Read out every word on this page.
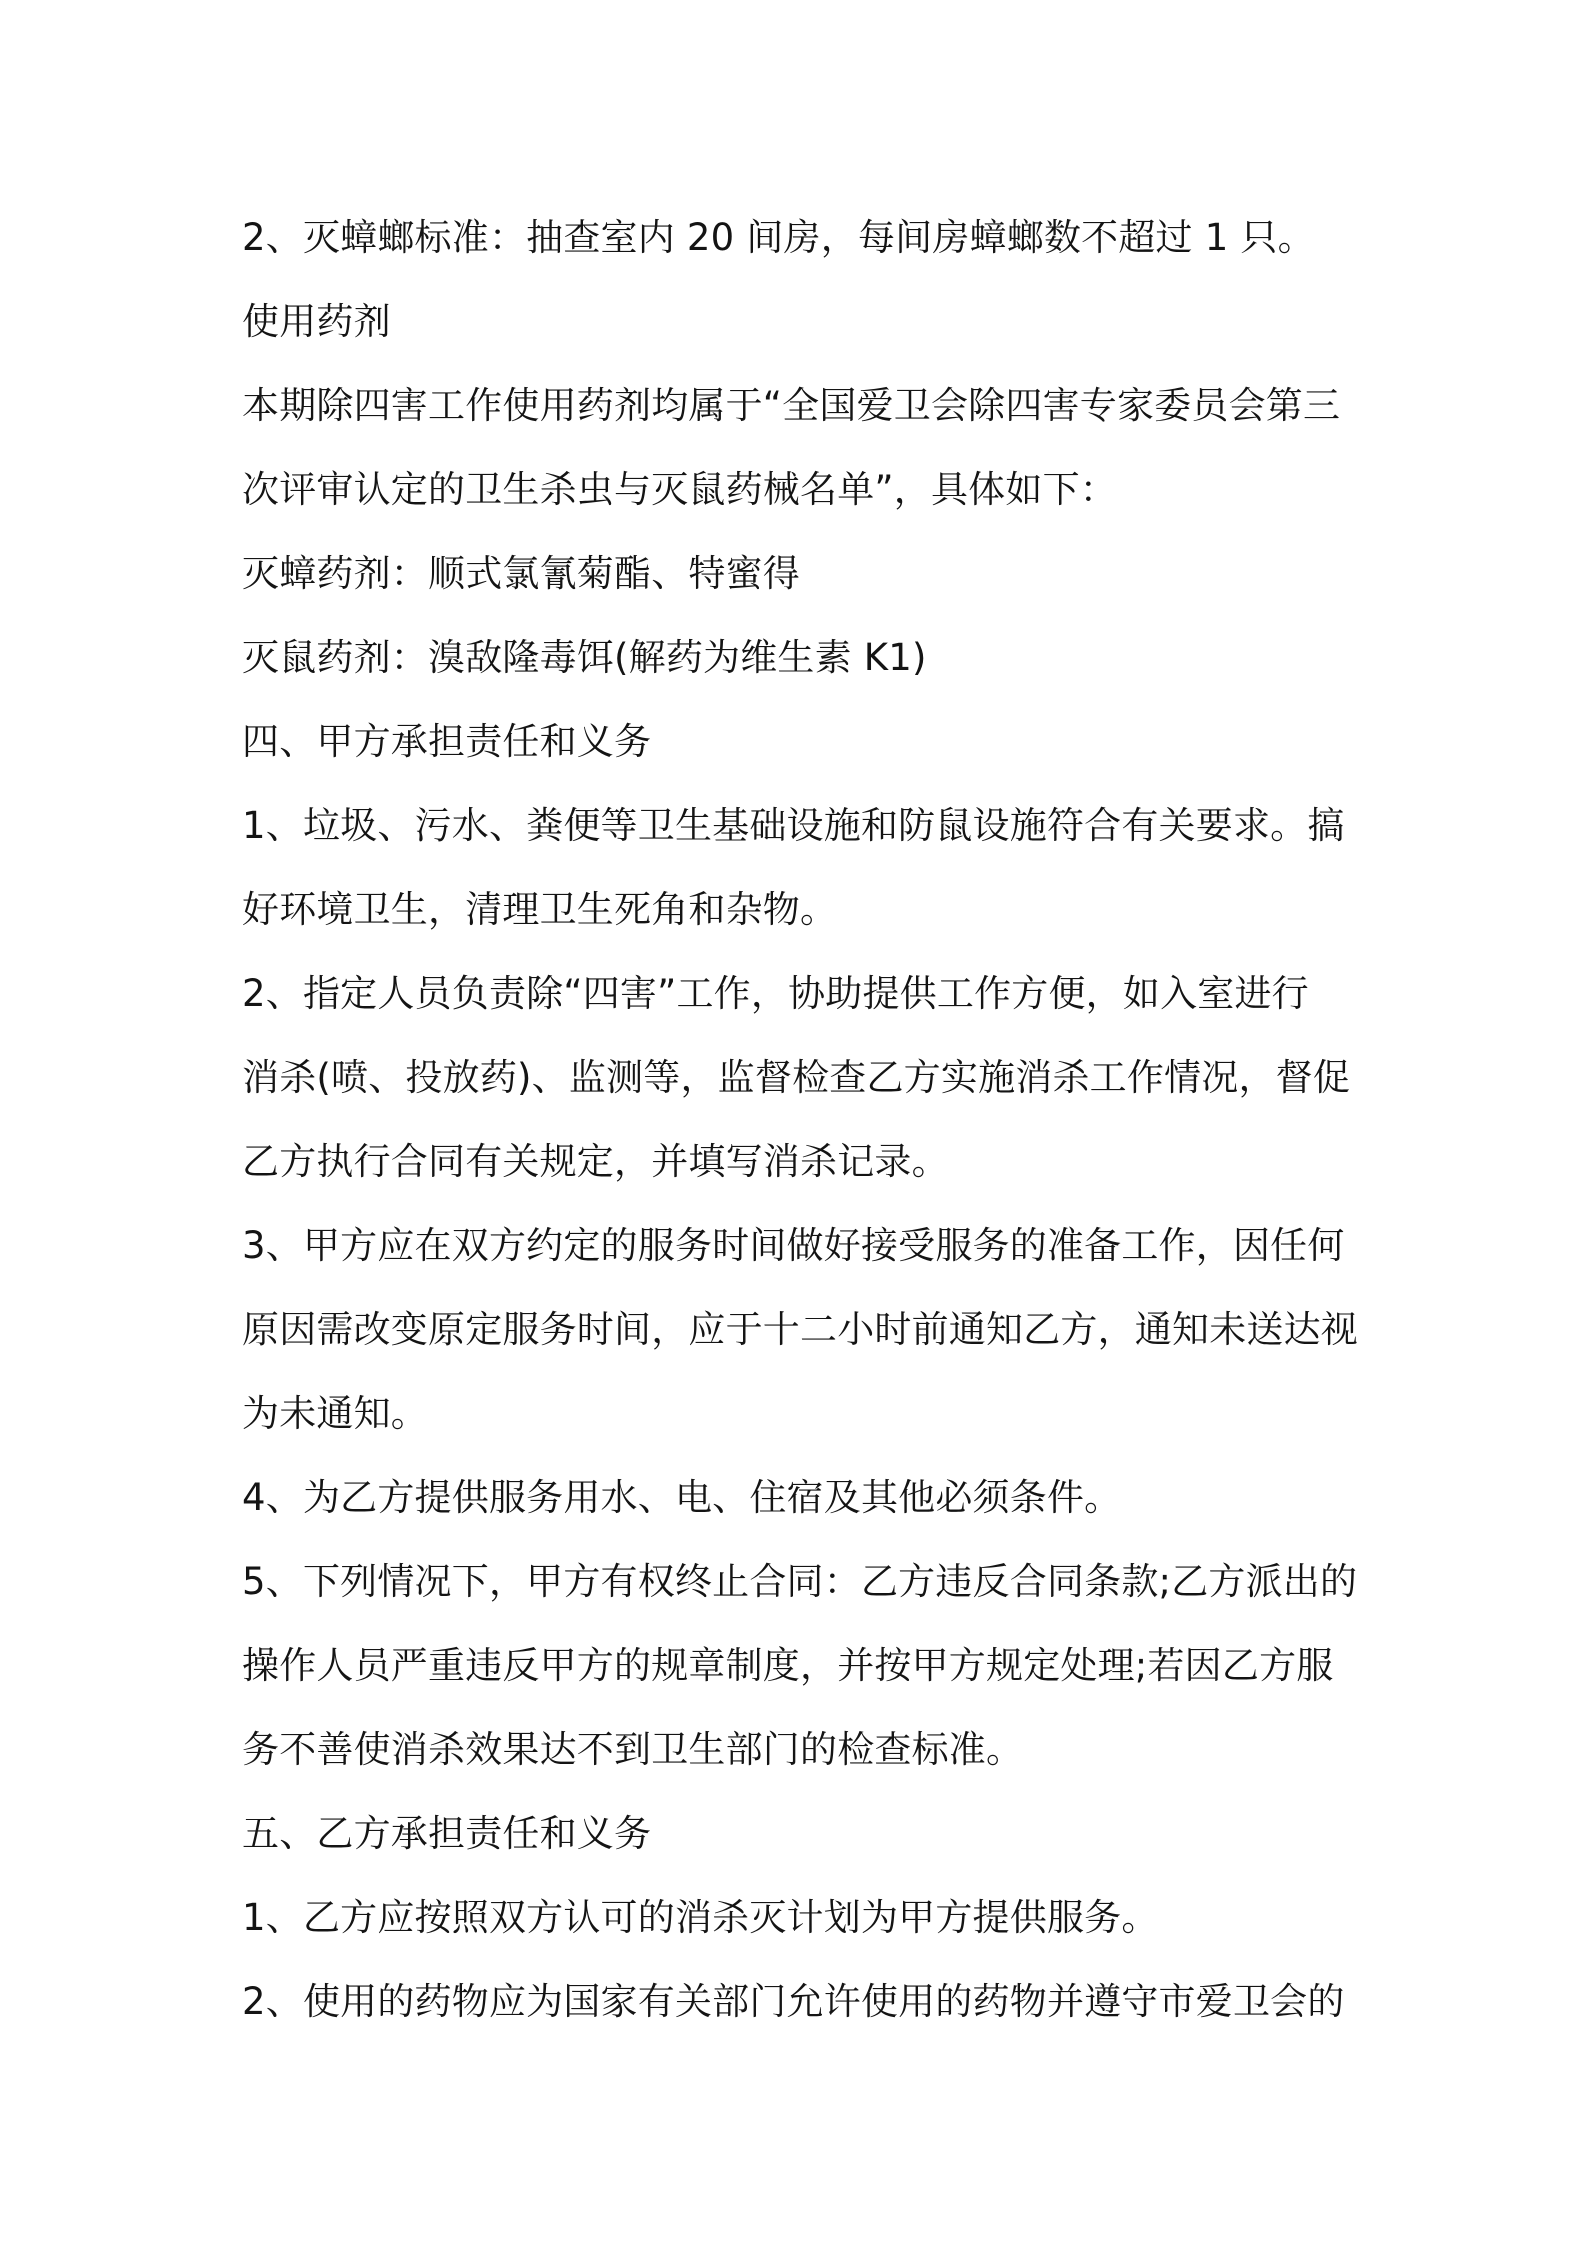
2、灭蟑螂标准：抽查室内 20 间房，每间房蟑螂数不超过 1 只。
使用药剂
本期除四害工作使用药剂均属于“全国爱卫会除四害专家委员会第三
次评审认定的卫生杀虫与灭鼠药械名单”，具体如下：
灭蟑药剂：顺式氯氰菊酯、特蜜得
灭鼠药剂：溴敌隆毒饵(解药为维生素 K1)
四、甲方承担责任和义务
1、垃圾、污水、粪便等卫生基础设施和防鼠设施符合有关要求。搞
好环境卫生，清理卫生死角和杂物。
2、指定人员负责除“四害”工作，协助提供工作方便，如入室进行
消杀(喷、投放药)、监测等，监督检查乙方实施消杀工作情况，督促
乙方执行合同有关规定，并填写消杀记录。
3、甲方应在双方约定的服务时间做好接受服务的准备工作，因任何
原因需改变原定服务时间，应于十二小时前通知乙方，通知未送达视
为未通知。
4、为乙方提供服务用水、电、住宿及其他必须条件。
5、下列情况下，甲方有权终止合同：乙方违反合同条款;乙方派出的
操作人员严重违反甲方的规章制度，并按甲方规定处理;若因乙方服
务不善使消杀效果达不到卫生部门的检查标准。
五、乙方承担责任和义务
1、乙方应按照双方认可的消杀灭计划为甲方提供服务。
2、使用的药物应为国家有关部门允许使用的药物并遵守市爱卫会的
